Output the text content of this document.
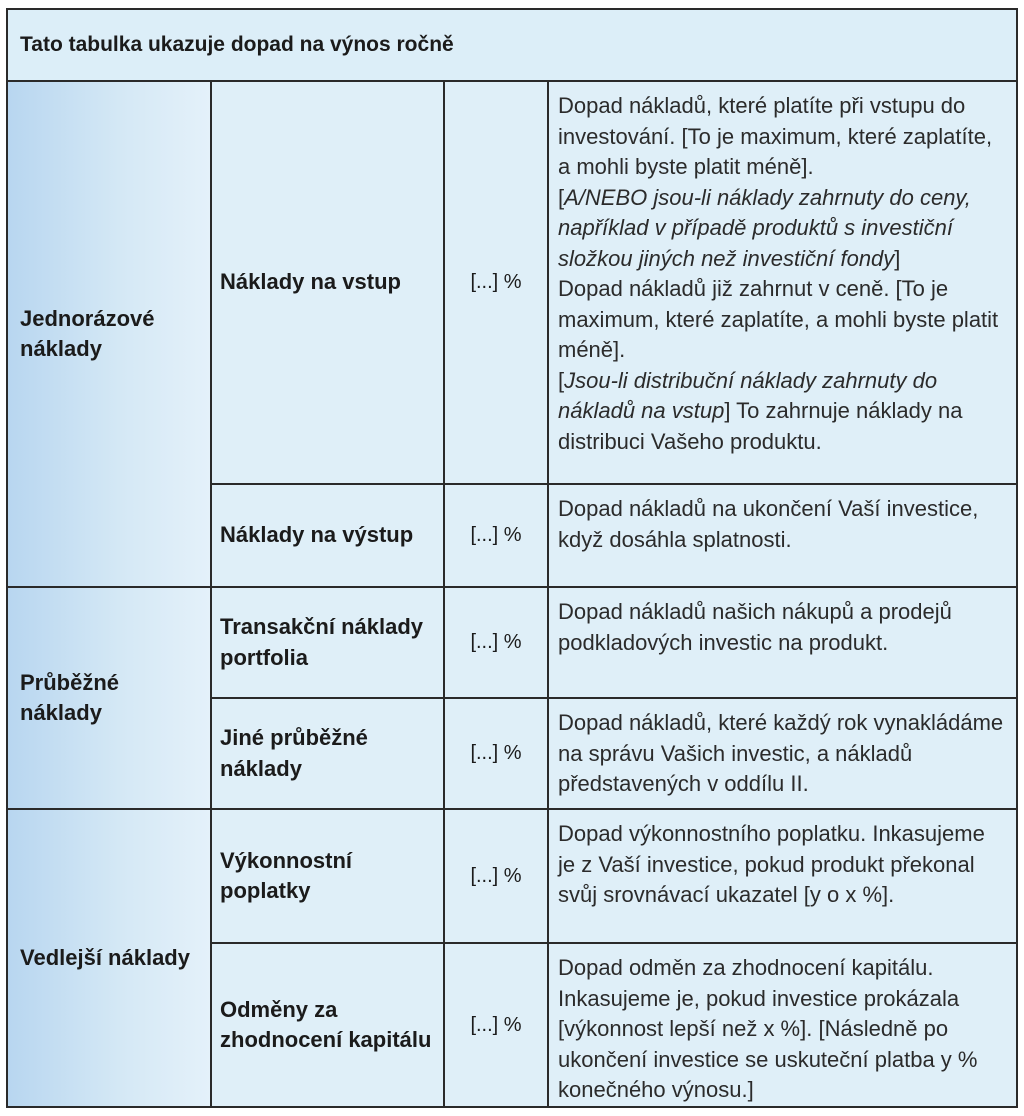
Tato tabulka ukazuje dopad na výnos ročně			
Jednorázové náklady	Náklady na vstup	[...] %	Dopad nákladů, které platíte při vstupu do investování. [To je maximum, které zaplatíte, a mohli byste platit méně].

[A/NEBO jsou-li náklady zahrnuty do ceny, například v případě produktů s investiční složkou jiných než investiční fondy]

Dopad nákladů již zahrnut v ceně. [To je maximum, které zaplatíte, a mohli byste platit méně].

[Jsou-li distribuční náklady zahrnuty do nákladů na vstup] To zahrnuje náklady na distribuci Vašeho produktu.

	Náklady na výstup	[...] %	Dopad nákladů na ukončení Vaší investice, když dosáhla splatnosti.
Průběžné náklady	Transakční náklady portfolia	[...] %	Dopad nákladů našich nákupů a prodejů podkladových investic na produkt.
	Jiné průběžné náklady	[...] %	Dopad nákladů, které každý rok vynakládáme na správu Vašich investic, a nákladů představených v oddílu II.
Vedlejší náklady	Výkonnostní poplatky	[...] %	Dopad výkonnostního poplatku. Inkasujeme je z Vaší investice, pokud produkt překonal svůj srovnávací ukazatel [y o x %].
	Odměny za zhodnocení kapitálu	[...] %	Dopad odměn za zhodnocení kapitálu. Inkasujeme je, pokud investice prokázala [výkonnost lepší než x %]. [Následně po ukončení investice se uskuteční platba y % konečného výnosu.]
